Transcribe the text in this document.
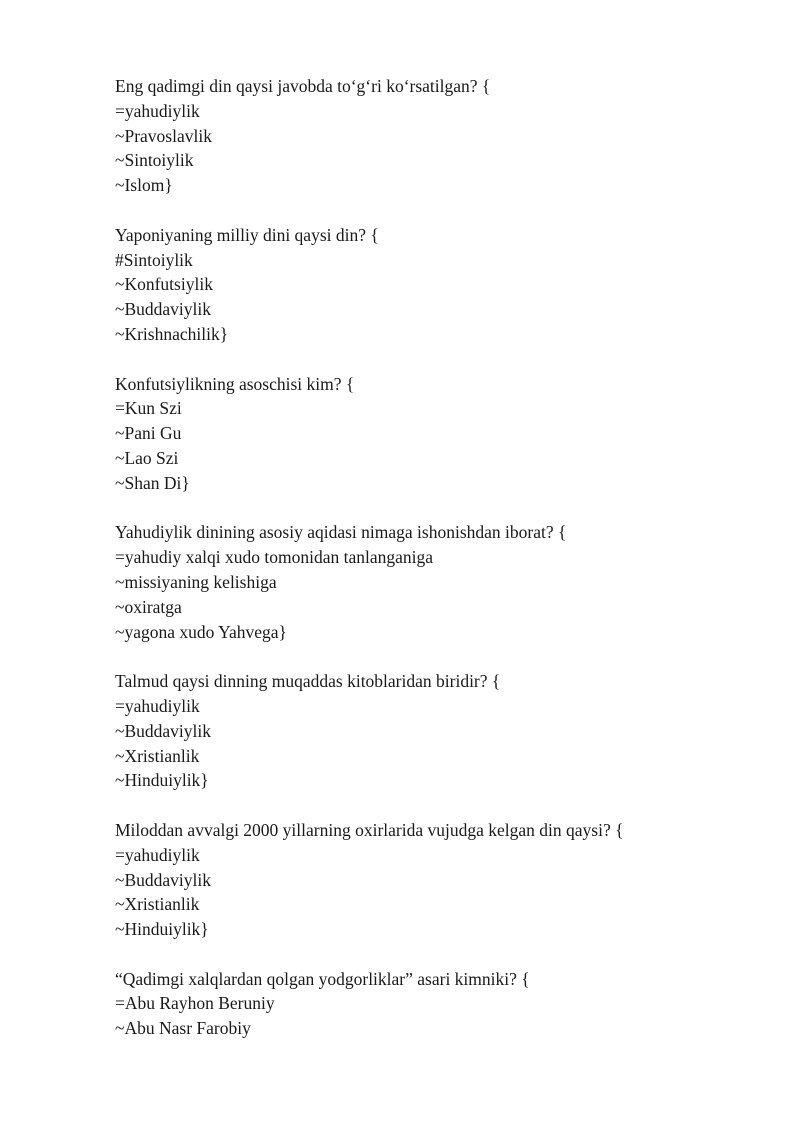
Eng qadimgi din qaysi javobda to‘g‘ri ko‘rsatilgan? {
=yahudiylik
~Pravoslavlik
~Sintoiylik
~Islom}
Yaponiyaning milliy dini qaysi din? {
#Sintoiylik
~Konfutsiylik
~Buddaviylik
~Krishnachilik}
Konfutsiylikning asoschisi kim? {
=Kun Szi
~Pani Gu
~Lao Szi
~Shan Di}
Yahudiylik dinining asosiy aqidasi nimaga ishonishdan iborat? {
=yahudiy xalqi xudo tomonidan tanlanganiga
~missiyaning kelishiga
~oxiratga
~yagona xudo Yahvega}
Talmud qaysi dinning muqaddas kitoblaridan biridir? {
=yahudiylik
~Buddaviylik
~Xristianlik
~Hinduiylik}
Miloddan avvalgi 2000 yillarning oxirlarida vujudga kelgan din qaysi? {
=yahudiylik
~Buddaviylik
~Xristianlik
~Hinduiylik}
“Qadimgi xalqlardan qolgan yodgorliklar” asari kimniki? {
=Abu Rayhon Beruniy
~Abu Nasr Farobiy
